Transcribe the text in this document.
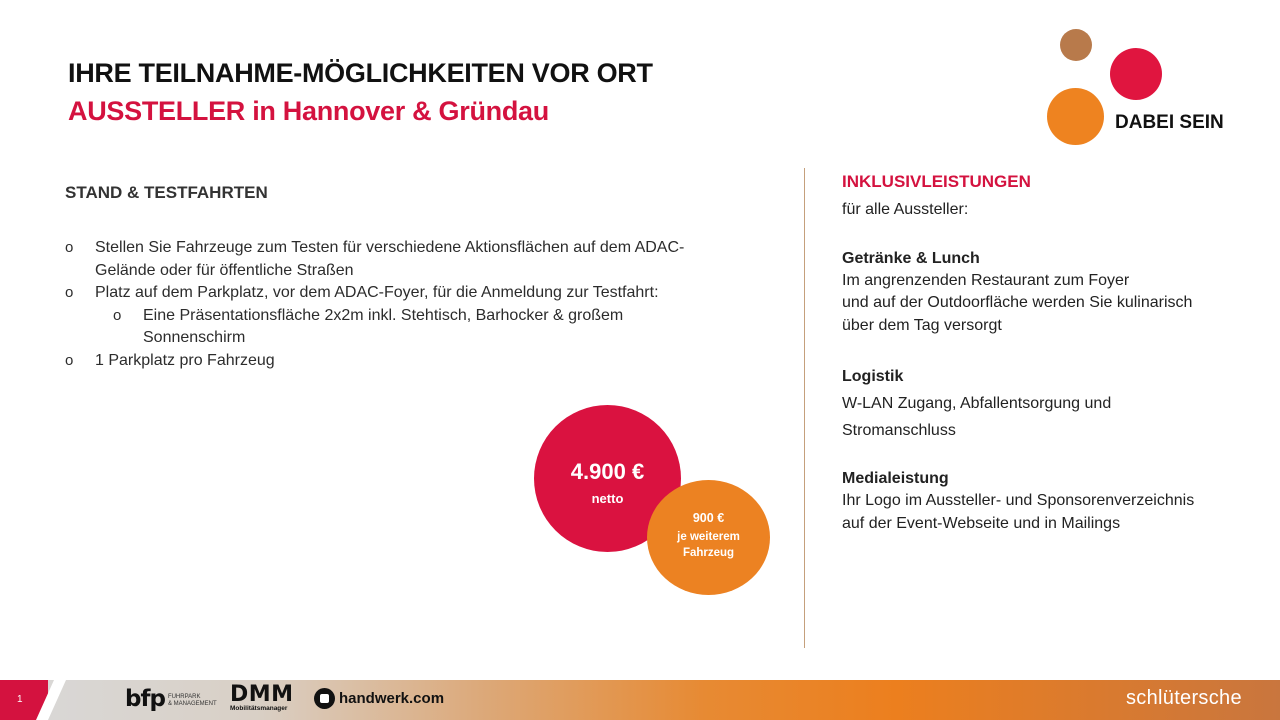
IHRE TEILNAHME-MÖGLICHKEITEN VOR ORT
AUSSTELLER in Hannover & Gründau	DABEI SEIN
STAND & TESTFAHRTEN
o Stellen Sie Fahrzeuge zum Testen für verschiedene Aktionsflächen auf dem ADAC-Gelände oder für öffentliche Straßen
o Platz auf dem Parkplatz, vor dem ADAC-Foyer, für die Anmeldung zur Testfahrt:
o Eine Präsentationsfläche 2x2m inkl. Stehtisch, Barhocker & großem Sonnenschirm
o 1 Parkplatz pro Fahrzeug
4.900 €
netto
900 €
je weiterem
Fahrzeug
INKLUSIVLEISTUNGEN
für alle Aussteller:
Getränke & Lunch
Im angrenzenden Restaurant zum Foyer
und auf der Outdoorfläche werden Sie kulinarisch
über dem Tag versorgt
Logistik
W-LAN Zugang, Abfallentsorgung und
Stromanschluss
Medialeistung
Ihr Logo im Aussteller- und Sponsorenverzeichnis
auf der Event-Webseite und in Mailings
1	bfp FUHRPARK
& MANAGEMENT DMM
Mobilitätsmanager
handwerk.com	schlütersche
